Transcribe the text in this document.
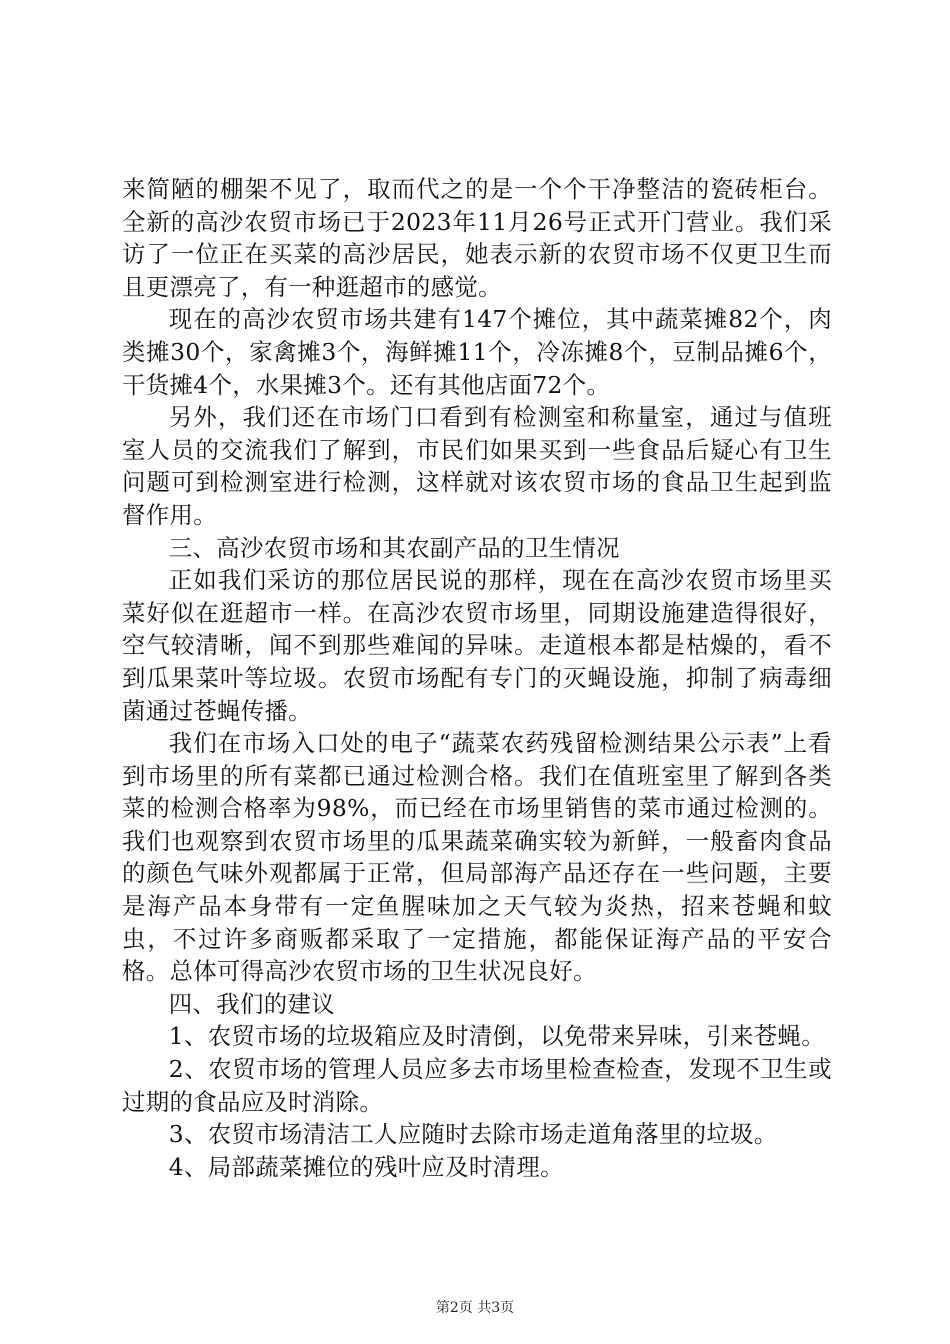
来简陋的棚架不见了，取而代之的是一个个干净整洁的瓷砖柜台。全新的高沙农贸市场已于2023年11月26号正式开门营业。我们采访了一位正在买菜的高沙居民，她表示新的农贸市场不仅更卫生而且更漂亮了，有一种逛超市的感觉。

现在的高沙农贸市场共建有147个摊位，其中蔬菜摊82个，肉类摊30个，家禽摊3个，海鲜摊11个，冷冻摊8个，豆制品摊6个，干货摊4个，水果摊3个。还有其他店面72个。

另外，我们还在市场门口看到有检测室和称量室，通过与值班室人员的交流我们了解到，市民们如果买到一些食品后疑心有卫生问题可到检测室进行检测，这样就对该农贸市场的食品卫生起到监督作用。

三、高沙农贸市场和其农副产品的卫生情况

正如我们采访的那位居民说的那样，现在在高沙农贸市场里买菜好似在逛超市一样。在高沙农贸市场里，同期设施建造得很好，空气较清晰，闻不到那些难闻的异味。走道根本都是枯燥的，看不到瓜果菜叶等垃圾。农贸市场配有专门的灭蝇设施，抑制了病毒细菌通过苍蝇传播。

我们在市场入口处的电子“蔬菜农药残留检测结果公示表”上看到市场里的所有菜都已通过检测合格。我们在值班室里了解到各类菜的检测合格率为98%，而已经在市场里销售的菜市通过检测的。我们也观察到农贸市场里的瓜果蔬菜确实较为新鲜，一般畜肉食品的颜色气味外观都属于正常，但局部海产品还存在一些问题，主要是海产品本身带有一定鱼腥味加之天气较为炎热，招来苍蝇和蚊虫，不过许多商贩都采取了一定措施，都能保证海产品的平安合格。总体可得高沙农贸市场的卫生状况良好。

四、我们的建议

1、农贸市场的垃圾箱应及时清倒，以免带来异味，引来苍蝇。

2、农贸市场的管理人员应多去市场里检查检查，发现不卫生或过期的食品应及时消除。

3、农贸市场清洁工人应随时去除市场走道角落里的垃圾。

4、局部蔬菜摊位的残叶应及时清理。

第2页 共3页
